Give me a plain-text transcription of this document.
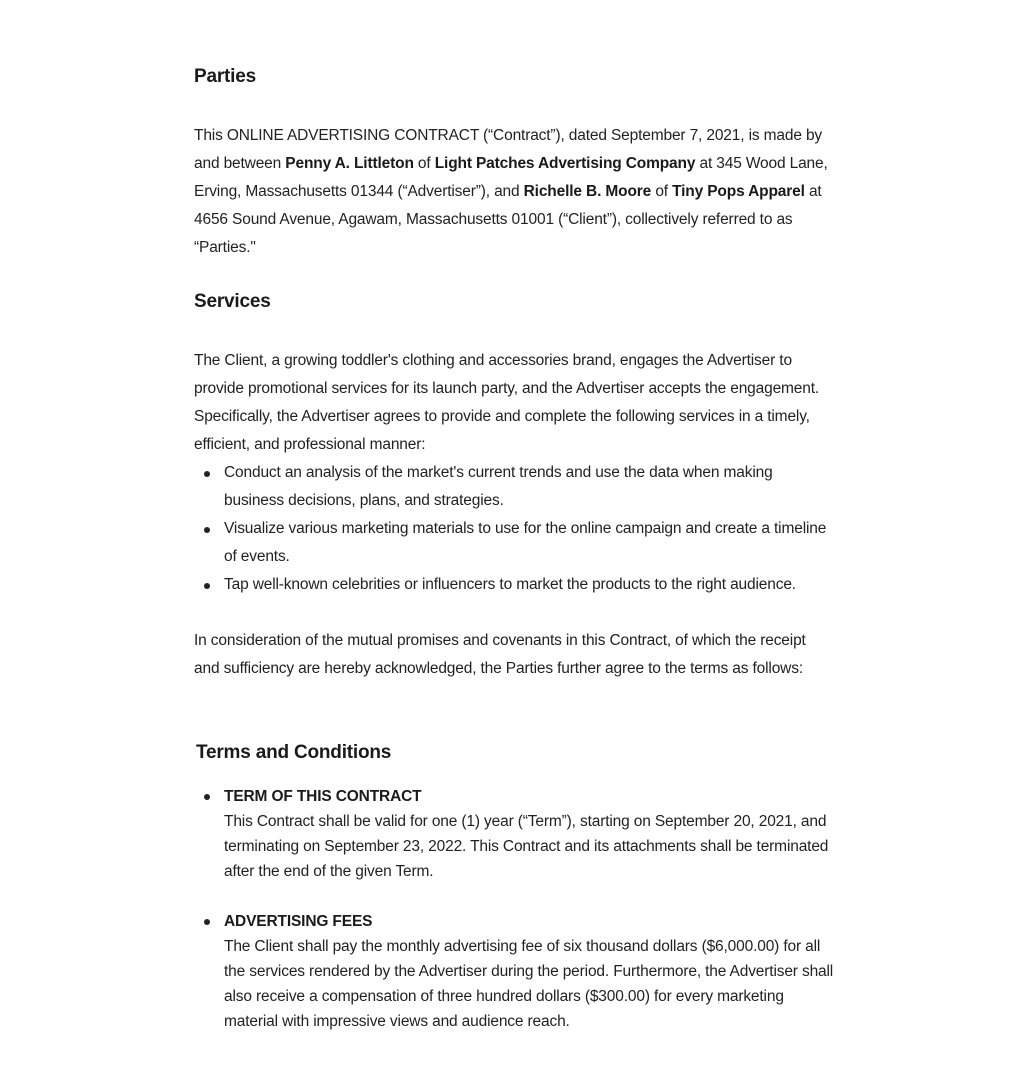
Parties

This ONLINE ADVERTISING CONTRACT (“Contract”), dated September 7, 2021, is made by and between Penny A. Littleton of Light Patches Advertising Company at 345 Wood Lane, Erving, Massachusetts 01344 (“Advertiser”), and Richelle B. Moore of Tiny Pops Apparel at 4656 Sound Avenue, Agawam, Massachusetts 01001 (“Client”), collectively referred to as “Parties."

Services

The Client, a growing toddler's clothing and accessories brand, engages the Advertiser to provide promotional services for its launch party, and the Advertiser accepts the engagement. Specifically, the Advertiser agrees to provide and complete the following services in a timely, efficient, and professional manner:

Conduct an analysis of the market's current trends and use the data when making business decisions, plans, and strategies.
Visualize various marketing materials to use for the online campaign and create a timeline of events.
Tap well-known celebrities or influencers to market the products to the right audience.

In consideration of the mutual promises and covenants in this Contract, of which the receipt and sufficiency are hereby acknowledged, the Parties further agree to the terms as follows:

Terms and Conditions
TERM OF THIS CONTRACT
This Contract shall be valid for one (1) year (“Term”), starting on September 20, 2021, and terminating on September 23, 2022. This Contract and its attachments shall be terminated after the end of the given Term.
ADVERTISING FEES
The Client shall pay the monthly advertising fee of six thousand dollars ($6,000.00) for all the services rendered by the Advertiser during the period. Furthermore, the Advertiser shall also receive a compensation of three hundred dollars ($300.00) for every marketing material with impressive views and audience reach.
